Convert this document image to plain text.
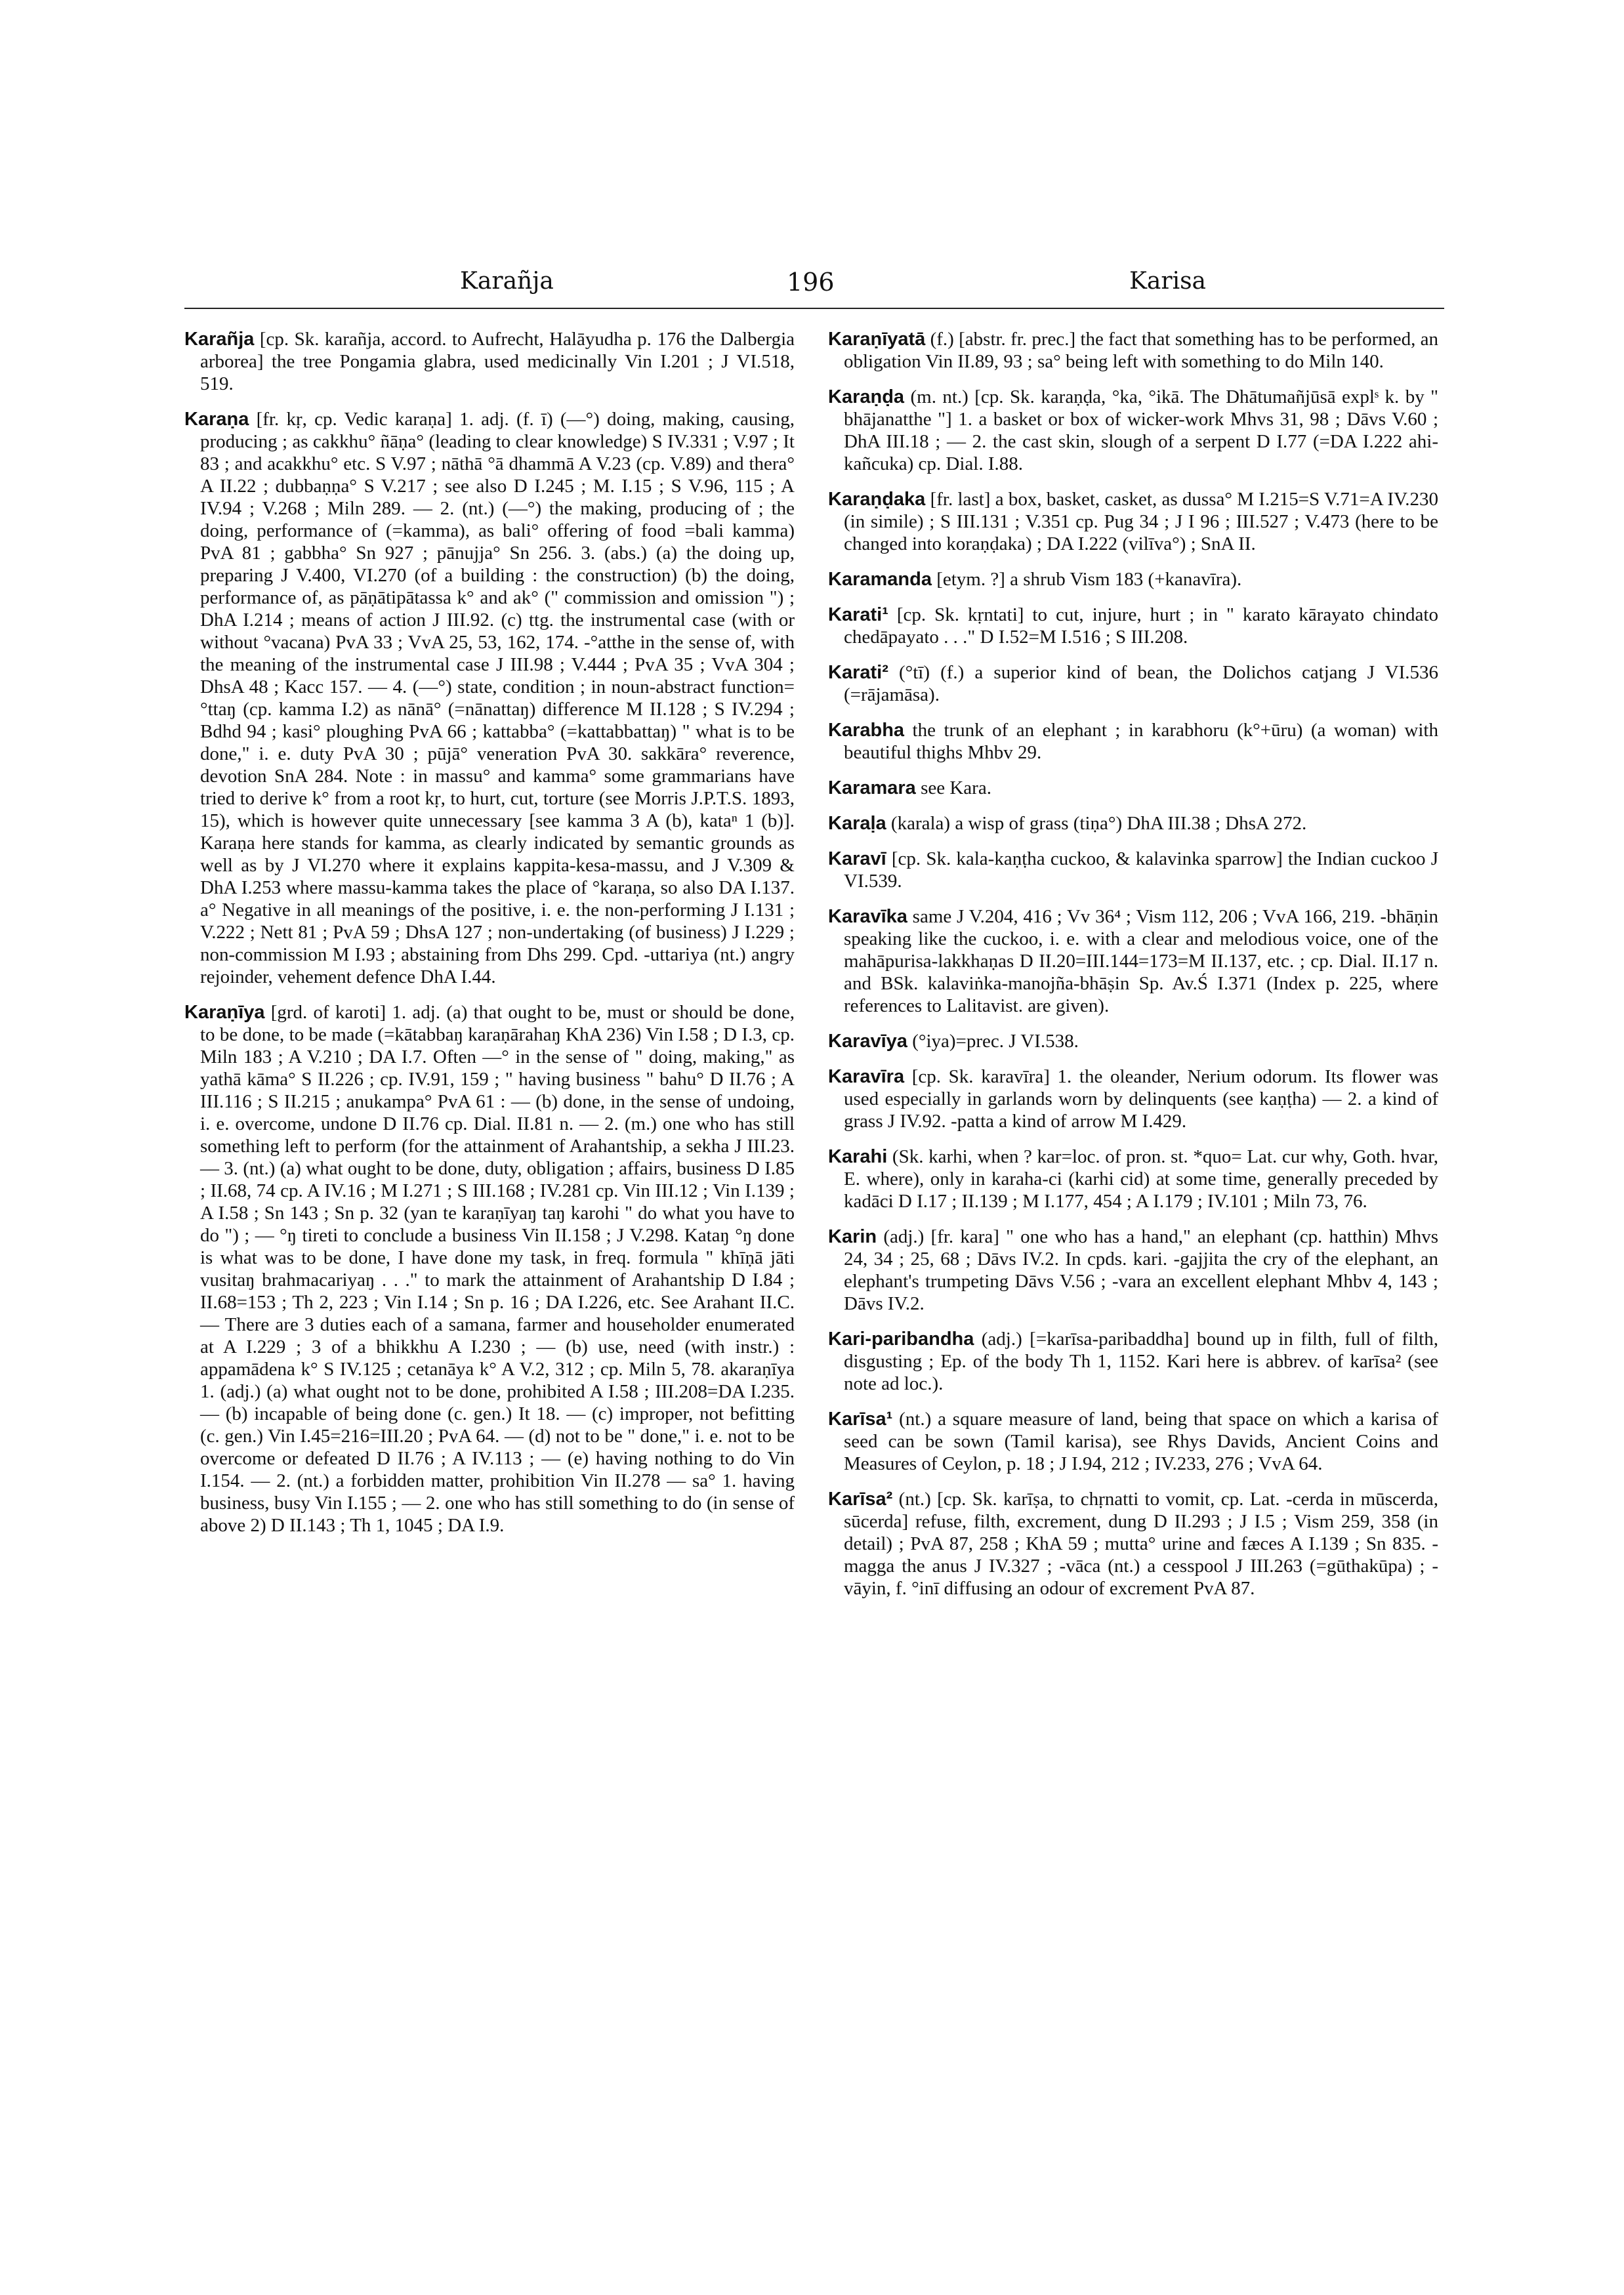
Karañja	196	Karisa

Karañja [cp. Sk. karañja, accord. to Aufrecht, Halāyudha p. 176 the Dalbergia arborea] the tree Pongamia glabra, used medicinally Vin I.201 ; J VI.518, 519.

Karaṇa [fr. kṛ, cp. Vedic karaṇa] 1. adj. (f. ī) (—°) doing, making, causing, producing ; as cakkhu° ñāṇa° (leading to clear knowledge) S IV.331 ; V.97 ; It 83 ; and acakkhu° etc. S V.97 ; nāthā °ā dhammā A V.23 (cp. V.89) and thera° A II.22 ; dubbaṇṇa° S V.217 ; see also D I.245 ; M. I.15 ; S V.96, 115 ; A IV.94 ; V.268 ; Miln 289. — 2. (nt.) (—°) the making, producing of ; the doing, performance of (=kamma), as bali° offering of food =bali kamma) PvA 81 ; gabbha° Sn 927 ; pānujja° Sn 256. 3. (abs.) (a) the doing up, preparing J V.400, VI.270 (of a building : the construction) (b) the doing, performance of, as pāṇātipātassa k° and ak° (" commission and omission ") ; DhA I.214 ; means of action J III.92. (c) ttg. the instrumental case (with or without °vacana) PvA 33 ; VvA 25, 53, 162, 174. -°atthe in the sense of, with the meaning of the instrumental case J III.98 ; V.444 ; PvA 35 ; VvA 304 ; DhsA 48 ; Kacc 157. — 4. (—°) state, condition ; in noun-abstract function= °ttaŋ (cp. kamma I.2) as nānā° (=nānattaŋ) difference M II.128 ; S IV.294 ; Bdhd 94 ; kasi° ploughing PvA 66 ; kattabba° (=kattabbattaŋ) " what is to be done," i. e. duty PvA 30 ; pūjā° veneration PvA 30. sakkāra° reverence, devotion SnA 284. Note : in massu° and kamma° some grammarians have tried to derive k° from a root kṛ, to hurt, cut, torture (see Morris J.P.T.S. 1893, 15), which is however quite unnecessary [see kamma 3 A (b), kataⁿ 1 (b)]. Karaṇa here stands for kamma, as clearly indicated by semantic grounds as well as by J VI.270 where it explains kappita-kesa-massu, and J V.309 & DhA I.253 where massu-kamma takes the place of °karaṇa, so also DA I.137. a° Negative in all meanings of the positive, i. e. the non-performing J I.131 ; V.222 ; Nett 81 ; PvA 59 ; DhsA 127 ; non-undertaking (of business) J I.229 ; non-commission M I.93 ; abstaining from Dhs 299. Cpd. -uttariya (nt.) angry rejoinder, vehement defence DhA I.44.

Karaṇīya [grd. of karoti] 1. adj. (a) that ought to be, must or should be done, to be done, to be made (=kātabbaŋ karaṇārahaŋ KhA 236) Vin I.58 ; D I.3, cp. Miln 183 ; A V.210 ; DA I.7. Often —° in the sense of " doing, making," as yathā kāma° S II.226 ; cp. IV.91, 159 ; " having business " bahu° D II.76 ; A III.116 ; S II.215 ; anukampa° PvA 61 : — (b) done, in the sense of undoing, i. e. overcome, undone D II.76 cp. Dial. II.81 n. — 2. (m.) one who has still something left to perform (for the attainment of Arahantship, a sekha J III.23. — 3. (nt.) (a) what ought to be done, duty, obligation ; affairs, business D I.85 ; II.68, 74 cp. A IV.16 ; M I.271 ; S III.168 ; IV.281 cp. Vin III.12 ; Vin I.139 ; A I.58 ; Sn 143 ; Sn p. 32 (yan te karaṇīyaŋ taŋ karohi " do what you have to do ") ; — °ŋ tireti to conclude a business Vin II.158 ; J V.298. Kataŋ °ŋ done is what was to be done, I have done my task, in freq. formula " khīṇā jāti vusitaŋ brahmacariyaŋ . . ." to mark the attainment of Arahantship D I.84 ; II.68=153 ; Th 2, 223 ; Vin I.14 ; Sn p. 16 ; DA I.226, etc. See Arahant II.C. — There are 3 duties each of a samana, farmer and householder enumerated at A I.229 ; 3 of a bhikkhu A I.230 ; — (b) use, need (with instr.) : appamādena k° S IV.125 ; cetanāya k° A V.2, 312 ; cp. Miln 5, 78. akaraṇīya 1. (adj.) (a) what ought not to be done, prohibited A I.58 ; III.208=DA I.235. — (b) incapable of being done (c. gen.) It 18. — (c) improper, not befitting (c. gen.) Vin I.45=216=III.20 ; PvA 64. — (d) not to be " done," i. e. not to be overcome or defeated D II.76 ; A IV.113 ; — (e) having nothing to do Vin I.154. — 2. (nt.) a forbidden matter, prohibition Vin II.278 — sa° 1. having business, busy Vin I.155 ; — 2. one who has still something to do (in sense of above 2) D II.143 ; Th 1, 1045 ; DA I.9.

Karaṇīyatā (f.) [abstr. fr. prec.] the fact that something has to be performed, an obligation Vin II.89, 93 ; sa° being left with something to do Miln 140.

Karaṇḍa (m. nt.) [cp. Sk. karaṇḍa, °ka, °ikā. The Dhātumañjūsā explˢ k. by " bhājanatthe "] 1. a basket or box of wicker-work Mhvs 31, 98 ; Dāvs V.60 ; DhA III.18 ; — 2. the cast skin, slough of a serpent D I.77 (=DA I.222 ahi-kañcuka) cp. Dial. I.88.

Karaṇḍaka [fr. last] a box, basket, casket, as dussa° M I.215=S V.71=A IV.230 (in simile) ; S III.131 ; V.351 cp. Pug 34 ; J I 96 ; III.527 ; V.473 (here to be changed into koraṇḍaka) ; DA I.222 (vilīva°) ; SnA II.

Karamanda [etym. ?] a shrub Vism 183 (+kanavīra).

Karati¹ [cp. Sk. kṛntati] to cut, injure, hurt ; in " karato kārayato chindato chedāpayato . . ." D I.52=M I.516 ; S III.208.

Karati² (°tī) (f.) a superior kind of bean, the Dolichos catjang J VI.536 (=rājamāsa).

Karabha the trunk of an elephant ; in karabhoru (k°+ūru) (a woman) with beautiful thighs Mhbv 29.

Karamara see Kara.

Karaḷa (karala) a wisp of grass (tiṇa°) DhA III.38 ; DhsA 272.

Karavī [cp. Sk. kala-kaṇṭha cuckoo, & kalavinka sparrow] the Indian cuckoo J VI.539.

Karavīka same J V.204, 416 ; Vv 36⁴ ; Vism 112, 206 ; VvA 166, 219. -bhāṇin speaking like the cuckoo, i. e. with a clear and melodious voice, one of the mahāpurisa-lakkhaṇas D II.20=III.144=173=M II.137, etc. ; cp. Dial. II.17 n. and BSk. kalaviṅka-manojña-bhāṣin Sp. Av.Ś I.371 (Index p. 225, where references to Lalitavist. are given).

Karavīya (°iya)=prec. J VI.538.

Karavīra [cp. Sk. karavīra] 1. the oleander, Nerium odorum. Its flower was used especially in garlands worn by delinquents (see kaṇṭha) — 2. a kind of grass J IV.92. -patta a kind of arrow M I.429.

Karahi (Sk. karhi, when ? kar=loc. of pron. st. *quo= Lat. cur why, Goth. hvar, E. where), only in karaha-ci (karhi cid) at some time, generally preceded by kadāci D I.17 ; II.139 ; M I.177, 454 ; A I.179 ; IV.101 ; Miln 73, 76.

Karin (adj.) [fr. kara] " one who has a hand," an elephant (cp. hatthin) Mhvs 24, 34 ; 25, 68 ; Dāvs IV.2. In cpds. kari. -gajjita the cry of the elephant, an elephant's trumpeting Dāvs V.56 ; -vara an excellent elephant Mhbv 4, 143 ; Dāvs IV.2.

Kari-paribandha (adj.) [=karīsa-paribaddha] bound up in filth, full of filth, disgusting ; Ep. of the body Th 1, 1152. Kari here is abbrev. of karīsa² (see note ad loc.).

Karīsa¹ (nt.) a square measure of land, being that space on which a karisa of seed can be sown (Tamil karisa), see Rhys Davids, Ancient Coins and Measures of Ceylon, p. 18 ; J I.94, 212 ; IV.233, 276 ; VvA 64.

Karīsa² (nt.) [cp. Sk. karīṣa, to chṛnatti to vomit, cp. Lat. -cerda in mūscerda, sūcerda] refuse, filth, excrement, dung D II.293 ; J I.5 ; Vism 259, 358 (in detail) ; PvA 87, 258 ; KhA 59 ; mutta° urine and fæces A I.139 ; Sn 835. -magga the anus J IV.327 ; -vāca (nt.) a cesspool J III.263 (=gūthakūpa) ; -vāyin, f. °inī diffusing an odour of excrement PvA 87.
